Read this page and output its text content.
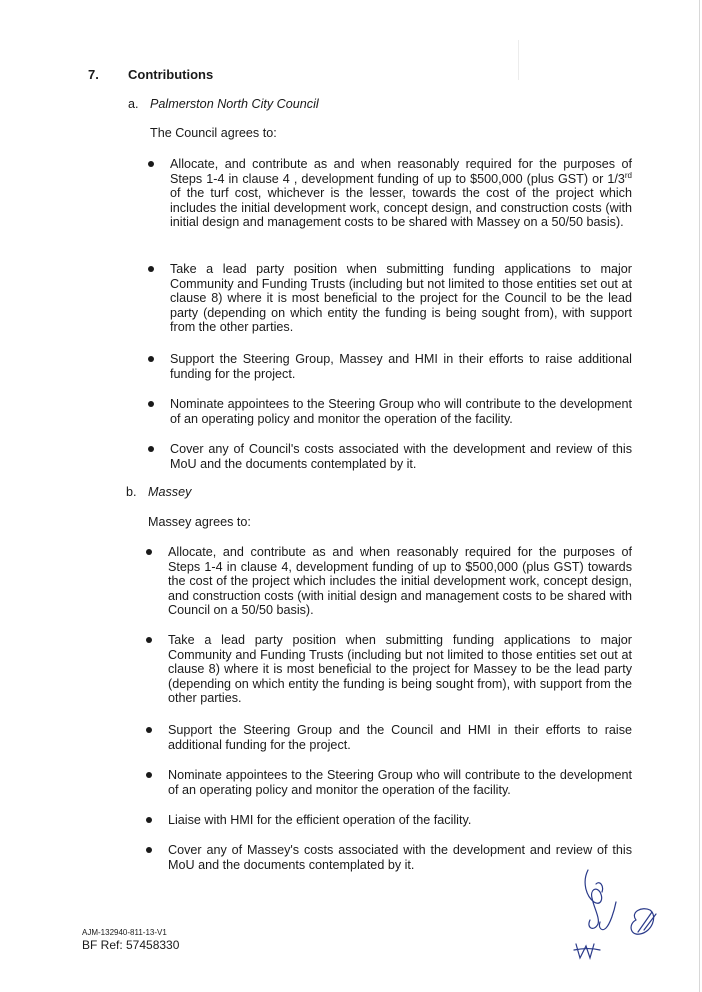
7. Contributions
a. Palmerston North City Council
The Council agrees to:
Allocate, and contribute as and when reasonably required for the purposes of Steps 1-4 in clause 4 , development funding of up to $500,000 (plus GST) or 1/3rd of the turf cost, whichever is the lesser, towards the cost of the project which includes the initial development work, concept design, and construction costs (with initial design and management costs to be shared with Massey on a 50/50 basis).
Take a lead party position when submitting funding applications to major Community and Funding Trusts (including but not limited to those entities set out at clause 8) where it is most beneficial to the project for the Council to be the lead party (depending on which entity the funding is being sought from), with support from the other parties.
Support the Steering Group, Massey and HMI in their efforts to raise additional funding for the project.
Nominate appointees to the Steering Group who will contribute to the development of an operating policy and monitor the operation of the facility.
Cover any of Council's costs associated with the development and review of this MoU and the documents contemplated by it.
b. Massey
Massey agrees to:
Allocate, and contribute as and when reasonably required for the purposes of Steps 1-4 in clause 4, development funding of up to $500,000 (plus GST) towards the cost of the project which includes the initial development work, concept design, and construction costs (with initial design and management costs to be shared with Council on a 50/50 basis).
Take a lead party position when submitting funding applications to major Community and Funding Trusts (including but not limited to those entities set out at clause 8) where it is most beneficial to the project for Massey to be the lead party (depending on which entity the funding is being sought from), with support from the other parties.
Support the Steering Group and the Council and HMI in their efforts to raise additional funding for the project.
Nominate appointees to the Steering Group who will contribute to the development of an operating policy and monitor the operation of the facility.
Liaise with HMI for the efficient operation of the facility.
Cover any of Massey's costs associated with the development and review of this MoU and the documents contemplated by it.
AJM-132940-811-13-V1
BF Ref: 57458330
